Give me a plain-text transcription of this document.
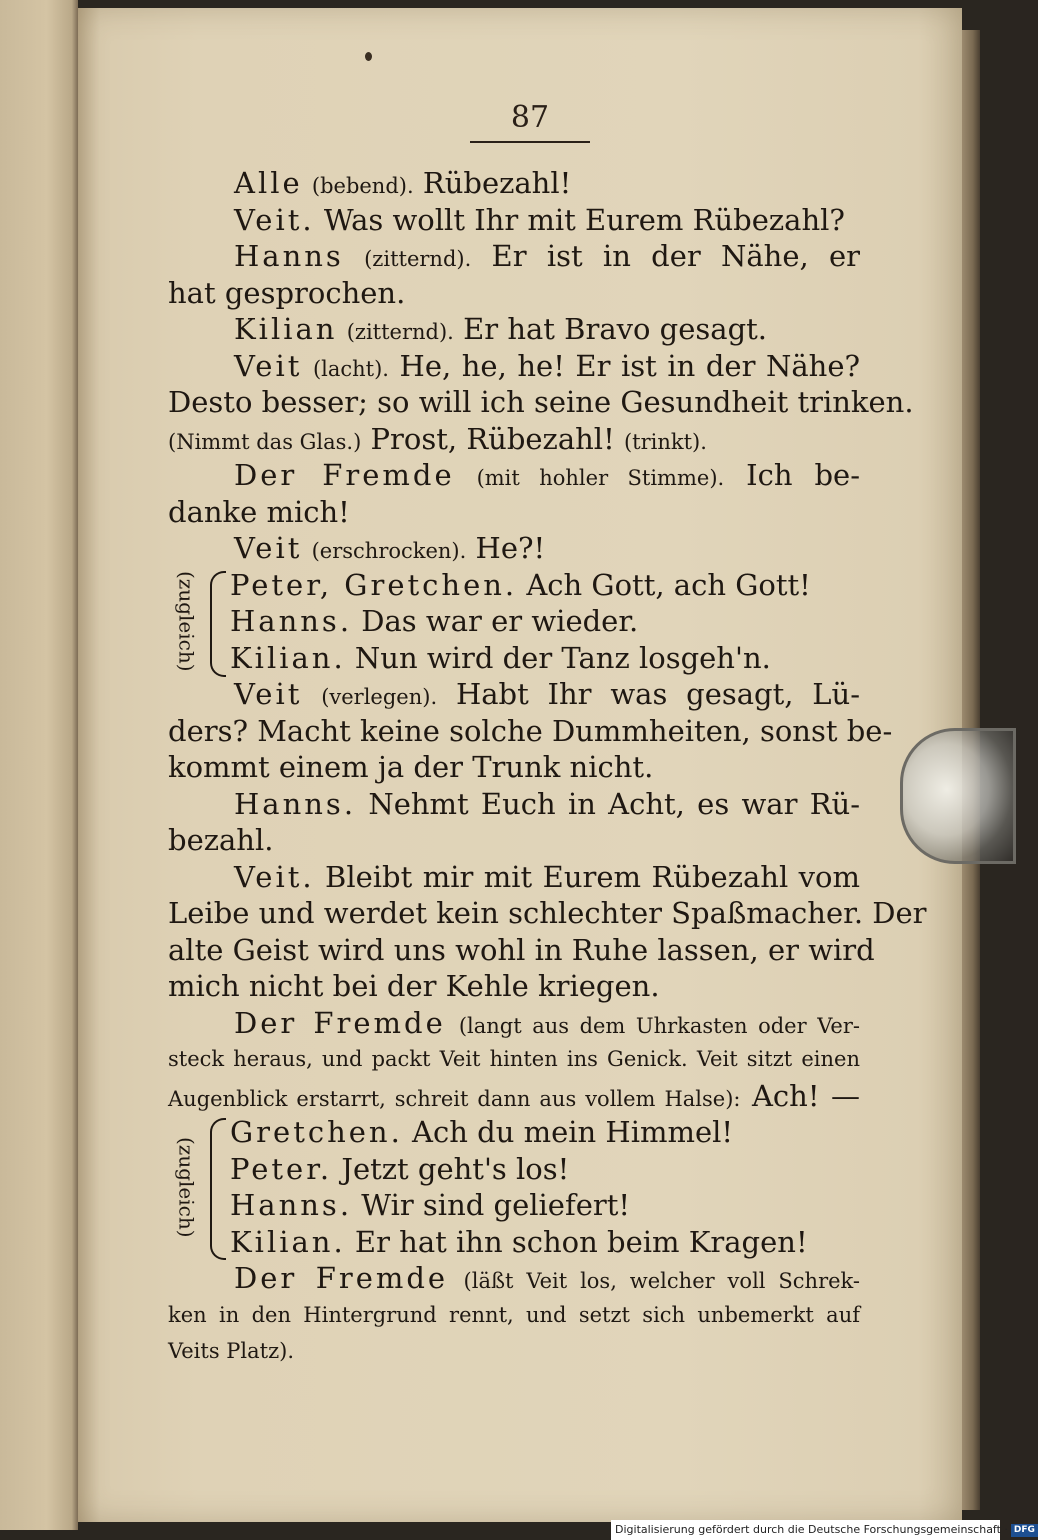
87
Alle (bebend). Rübezahl!
Veit. Was wollt Ihr mit Eurem Rübezahl?
Hanns (zitternd). Er ist in der Nähe, er
hat gesprochen.
Kilian (zitternd). Er hat Bravo gesagt.
Veit (lacht). He, he, he! Er ist in der Nähe?
Desto besser; so will ich seine Gesundheit trinken.
(Nimmt das Glas.) Prost, Rübezahl! (trinkt).
Der Fremde (mit hohler Stimme). Ich be-
danke mich!
Veit (erschrocken). He?!
(zugleich)	Peter, Gretchen. Ach Gott, ach Gott!
Hanns. Das war er wieder.
Kilian. Nun wird der Tanz losgeh'n.
Veit (verlegen). Habt Ihr was gesagt, Lü-
ders? Macht keine solche Dummheiten, sonst be-
kommt einem ja der Trunk nicht.
Hanns. Nehmt Euch in Acht, es war Rü-
bezahl.
Veit. Bleibt mir mit Eurem Rübezahl vom
Leibe und werdet kein schlechter Spaßmacher. Der
alte Geist wird uns wohl in Ruhe lassen, er wird
mich nicht bei der Kehle kriegen.
Der Fremde (langt aus dem Uhrkasten oder Ver-
steck heraus, und packt Veit hinten ins Genick. Veit sitzt einen
Augenblick erstarrt, schreit dann aus vollem Halse): Ach! —
(zugleich)
Gretchen. Ach du mein Himmel!
Peter. Jetzt geht's los!
Hanns. Wir sind geliefert!
Kilian. Er hat ihn schon beim Kragen!
Der Fremde (läßt Veit los, welcher voll Schrek-
ken in den Hintergrund rennt, und setzt sich unbemerkt auf
Veits Platz).
Digitalisierung gefördert durch die Deutsche Forschungsgemeinschaft · DFG
